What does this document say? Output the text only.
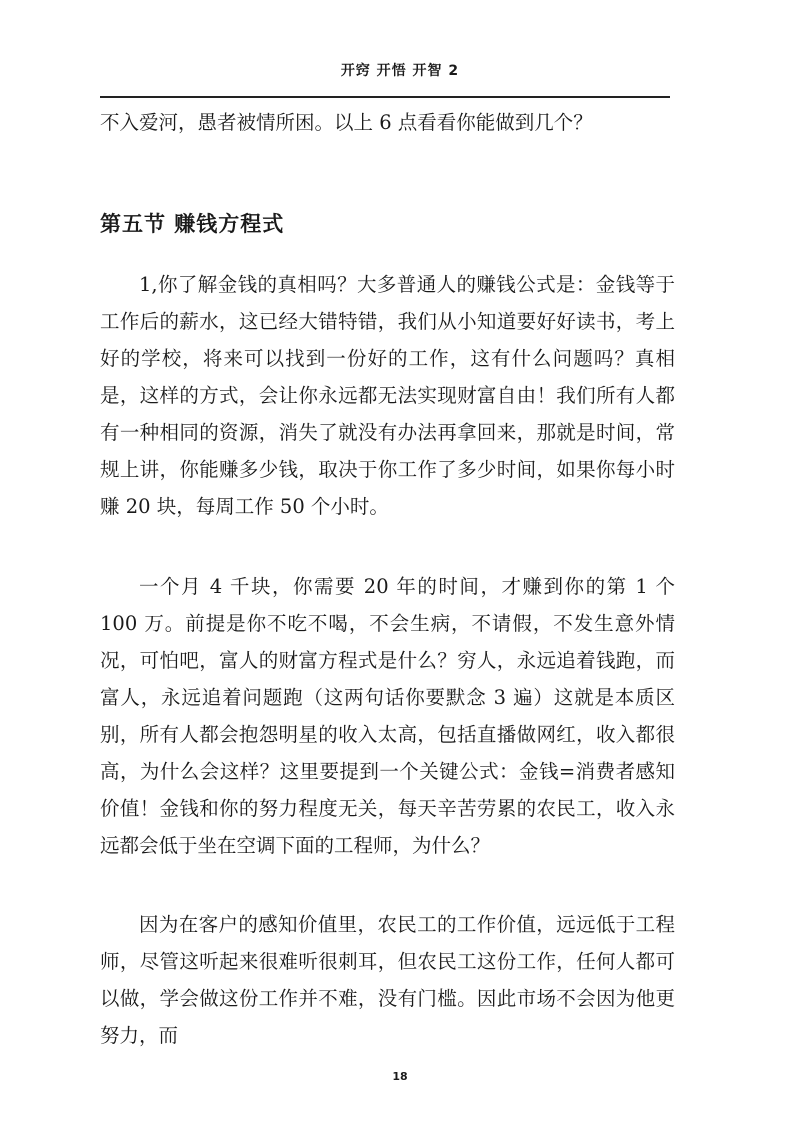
开窍 开悟 开智 2

不入爱河，愚者被情所困。以上 6 点看看你能做到几个？

第五节 赚钱方程式

1,你了解金钱的真相吗？大多普通人的赚钱公式是：金钱等于工作后的薪水，这已经大错特错，我们从小知道要好好读书，考上好的学校，将来可以找到一份好的工作，这有什么问题吗？真相是，这样的方式，会让你永远都无法实现财富自由！我们所有人都有一种相同的资源，消失了就没有办法再拿回来，那就是时间，常规上讲，你能赚多少钱，取决于你工作了多少时间，如果你每小时赚 20 块，每周工作 50 个小时。

一个月 4 千块，你需要 20 年的时间，才赚到你的第 1 个 100 万。前提是你不吃不喝，不会生病，不请假，不发生意外情况，可怕吧，富人的财富方程式是什么？穷人，永远追着钱跑，而富人，永远追着问题跑（这两句话你要默念 3 遍）这就是本质区别，所有人都会抱怨明星的收入太高，包括直播做网红，收入都很高，为什么会这样？这里要提到一个关键公式：金钱=消费者感知价值！金钱和你的努力程度无关，每天辛苦劳累的农民工，收入永远都会低于坐在空调下面的工程师，为什么？

因为在客户的感知价值里，农民工的工作价值，远远低于工程师，尽管这听起来很难听很刺耳，但农民工这份工作，任何人都可以做，学会做这份工作并不难，没有门槛。因此市场不会因为他更努力，而

18
